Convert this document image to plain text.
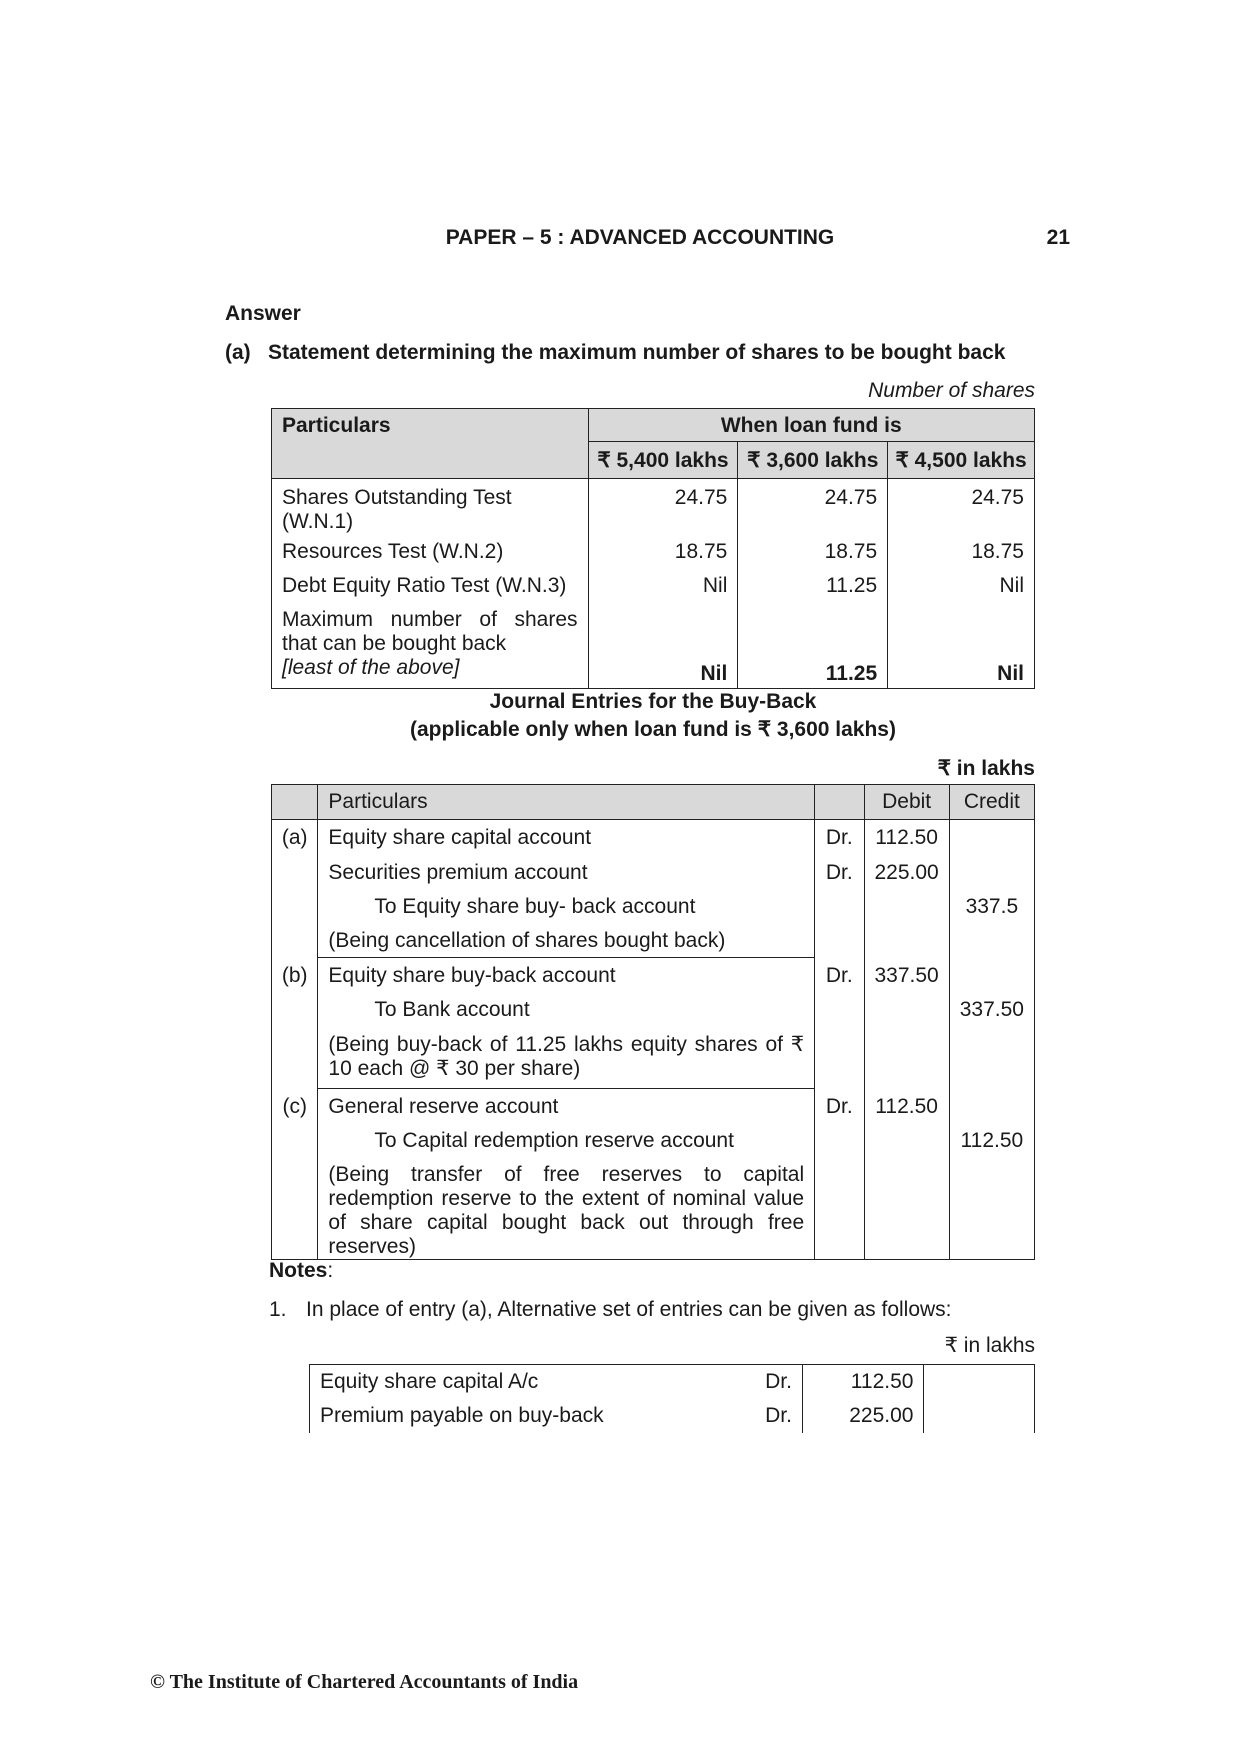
PAPER – 5 : ADVANCED ACCOUNTING	21
Answer
(a) Statement determining the maximum number of shares to be bought back
Number of shares
Particulars	When loan fund is		
	₹ 5,400 lakhs	₹ 3,600 lakhs	₹ 4,500 lakhs
Shares Outstanding Test (W.N.1)	24.75	24.75	24.75
Resources Test (W.N.2)	18.75	18.75	18.75
Debt Equity Ratio Test (W.N.3)	Nil	11.25	Nil

Maximum number of shares that can be bought back
[least of the above]	Nil	11.25	Nil
Journal Entries for the Buy-Back
(applicable only when loan fund is ₹ 3,600 lakhs)
₹ in lakhs
	Particulars		Debit	Credit
(a)	Equity share capital account	Dr.	112.50	
	Securities premium account	Dr.	225.00	
	To Equity share buy- back account			337.5
	(Being cancellation of shares bought back)			
(b)	Equity share buy-back account	Dr.	337.50	
	To Bank account			337.50
	(Being buy-back of 11.25 lakhs equity shares of ₹ 10 each @ ₹ 30 per share)			
(c)	General reserve account	Dr.	112.50	
	To Capital redemption reserve account			112.50
	(Being transfer of free reserves to capital redemption reserve to the extent of nominal value of share capital bought back out through free reserves)			
Notes:
1. In place of entry (a), Alternative set of entries can be given as follows:
₹ in lakhs
Equity share capital A/c	Dr.	112.50	
Premium payable on buy-back	Dr.	225.00	
© The Institute of Chartered Accountants of India
